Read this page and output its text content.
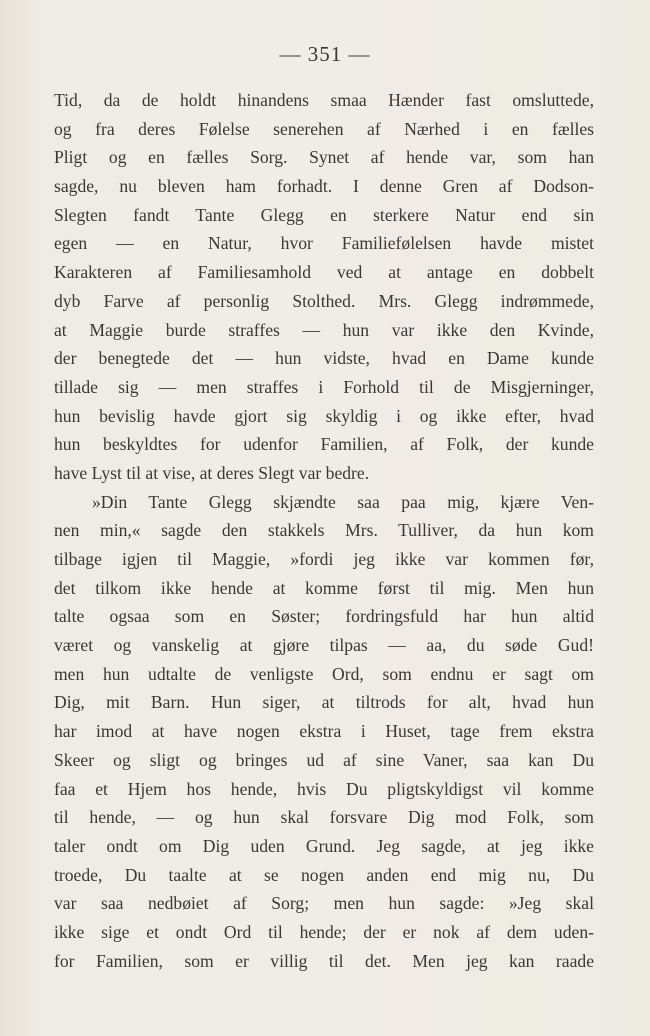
— 351 —
Tid, da de holdt hinandens smaa Hænder fast omsluttede,
og fra deres Følelse senerehen af Nærhed i en fælles
Pligt og en fælles Sorg. Synet af hende var, som han
sagde, nu bleven ham forhadt. I denne Gren af Dodson-
Slegten fandt Tante Glegg en sterkere Natur end sin
egen — en Natur, hvor Familiefølelsen havde mistet
Karakteren af Familiesamhold ved at antage en dobbelt
dyb Farve af personlig Stolthed. Mrs. Glegg indrømmede,
at Maggie burde straffes — hun var ikke den Kvinde,
der benegtede det — hun vidste, hvad en Dame kunde
tillade sig — men straffes i Forhold til de Misgjerninger,
hun bevislig havde gjort sig skyldig i og ikke efter, hvad
hun beskyldtes for udenfor Familien, af Folk, der kunde
have Lyst til at vise, at deres Slegt var bedre.
»Din Tante Glegg skjændte saa paa mig, kjære Ven-
nen min,« sagde den stakkels Mrs. Tulliver, da hun kom
tilbage igjen til Maggie, »fordi jeg ikke var kommen før,
det tilkom ikke hende at komme først til mig. Men hun
talte ogsaa som en Søster; fordringsfuld har hun altid
været og vanskelig at gjøre tilpas — aa, du søde Gud!
men hun udtalte de venligste Ord, som endnu er sagt om
Dig, mit Barn. Hun siger, at tiltrods for alt, hvad hun
har imod at have nogen ekstra i Huset, tage frem ekstra
Skeer og sligt og bringes ud af sine Vaner, saa kan Du
faa et Hjem hos hende, hvis Du pligtskyldigst vil komme
til hende, — og hun skal forsvare Dig mod Folk, som
taler ondt om Dig uden Grund. Jeg sagde, at jeg ikke
troede, Du taalte at se nogen anden end mig nu, Du
var saa nedbøiet af Sorg; men hun sagde: »Jeg skal
ikke sige et ondt Ord til hende; der er nok af dem uden-
for Familien, som er villig til det. Men jeg kan raade
